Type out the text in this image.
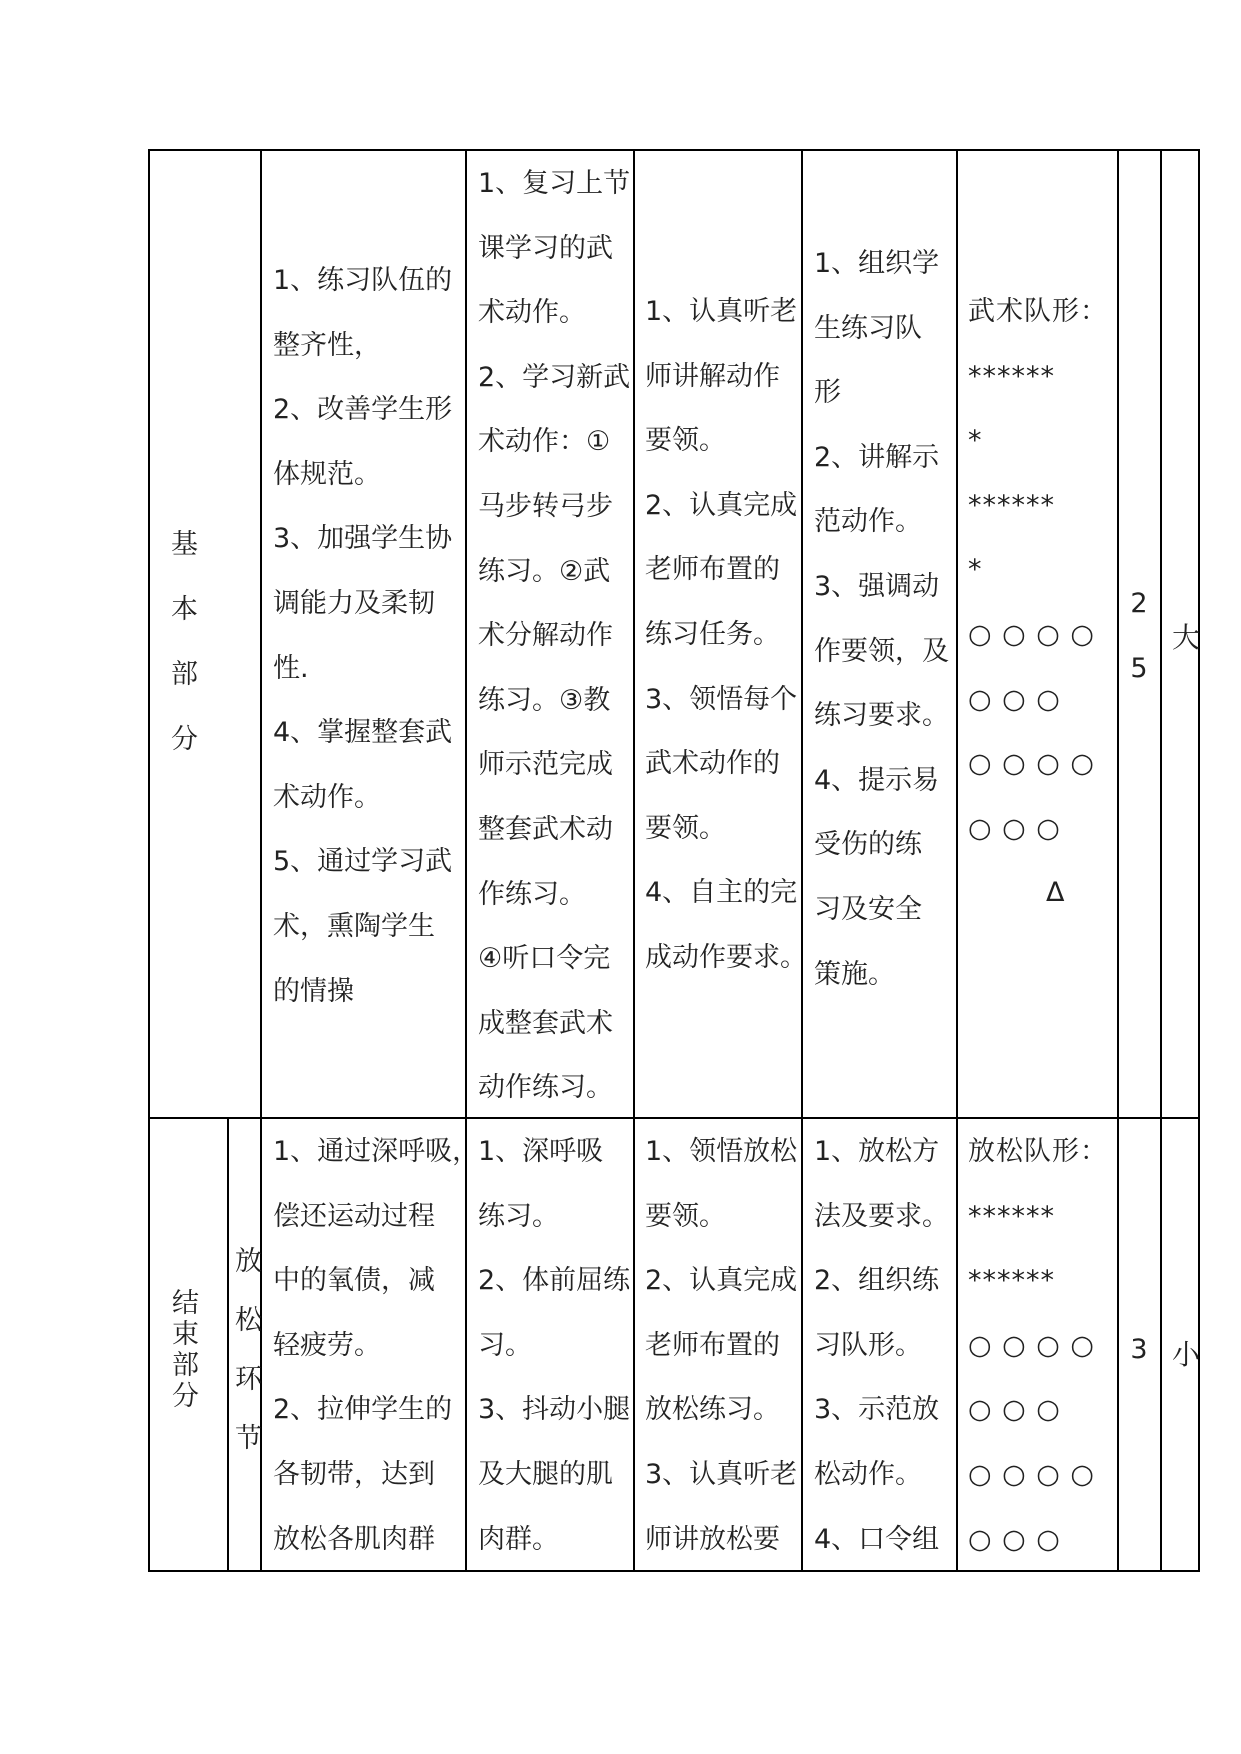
基
本
部
分
1、练习队伍的
整齐性，
2、改善学生形
体规范。
3、加强学生协
调能力及柔韧
性.
4、掌握整套武
术动作。
5、通过学习武
术，熏陶学生
的情操
1、复习上节
课学习的武
术动作。
2、学习新武
术动作：①
马步转弓步
练习。②武
术分解动作
练习。③教
师示范完成
整套武术动
作练习。
④听口令完
成整套武术
动作练习。
1、认真听老
师讲解动作
要领。
2、认真完成
老师布置的
练习任务。
3、领悟每个
武术动作的
要领。
4、自主的完
成动作要求。
1、组织学
生练习队
形
2、讲解示
范动作。
3、强调动
作要领，及
练习要求。
4、提示易
受伤的练
习及安全
策施。
武术队形：
******
*
******
*
○ ○ ○ ○
○ ○ ○
○ ○ ○ ○
○ ○ ○
Δ
2
5
大
结
束
部
分
放
松
环
节
1、通过深呼吸，
偿还运动过程
中的氧债，减
轻疲劳。
2、拉伸学生的
各韧带，达到
放松各肌肉群
1、深呼吸
练习。
2、体前屈练
习。
3、抖动小腿
及大腿的肌
肉群。
1、领悟放松
要领。
2、认真完成
老师布置的
放松练习。
3、认真听老
师讲放松要
1、放松方
法及要求。
2、组织练
习队形。
3、示范放
松动作。
4、口令组
放松队形：
******
******
○ ○ ○ ○
○ ○ ○
○ ○ ○ ○
○ ○ ○
3 小
